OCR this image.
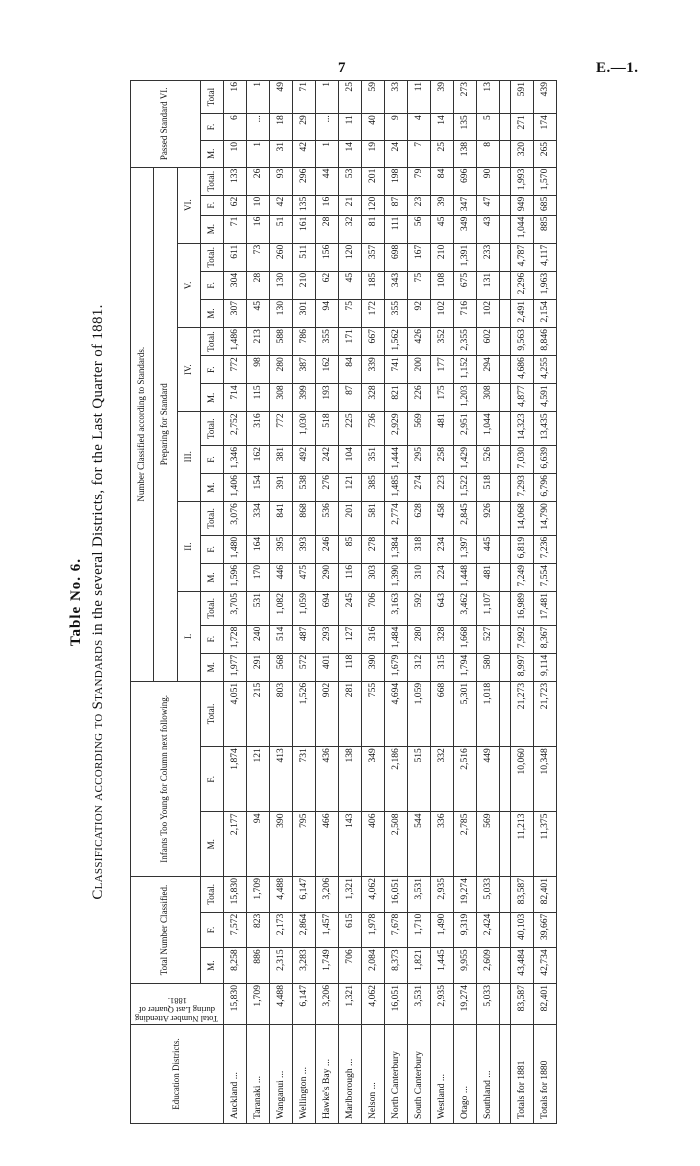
7	E.—1.
Table No. 6.
Classification according to Standards in the several Districts, for the Last Quarter of 1881.
Education Districts.	Total Number Attending during Last Quarter of 1881.	Total Number Classified.			Infants Too Young for Column next following.			Number Classified according to Standards.																		Passed Standard VI.		
								Preparing for Standard																				
								I.			II.			III.			IV.			V.			VI.					
		M.	F.	Total.	M.	F.	Total.	M.	F.	Total.	M.	F.	Total.	M.	F.	Total.	M.	F.	Total.	M.	F.	Total.	M.	F.	Total.	M.	F.	Total
Auckland ...	15,830	8,258	7,572	15,830	2,177	1,874	4,051	1,977	1,728	3,705	1,596	1,480	3,076	1,406	1,346	2,752	714	772	1,486	307	304	611	71	62	133	10	6	16
Taranaki ...	1,709	886	823	1,709	94	121	215	291	240	531	170	164	334	154	162	316	115	98	213	45	28	73	16	10	26	1	...	1
Wanganui ...	4,488	2,315	2,173	4,488	390	413	803	568	514	1,082	446	395	841	391	381	772	308	280	588	130	130	260	51	42	93	31	18	49
Wellington ...	6,147	3,283	2,864	6,147	795	731	1,526	572	487	1,059	475	393	868	538	492	1,030	399	387	786	301	210	511	161	135	296	42	29	71
Hawke's Bay ...	3,206	1,749	1,457	3,206	466	436	902	401	293	694	290	246	536	276	242	518	193	162	355	94	62	156	28	16	44	1	...	1
Marlborough ...	1,321	706	615	1,321	143	138	281	118	127	245	116	85	201	121	104	225	87	84	171	75	45	120	32	21	53	14	11	25
Nelson ...	4,062	2,084	1,978	4,062	406	349	755	390	316	706	303	278	581	385	351	736	328	339	667	172	185	357	81	120	201	19	40	59
North Canterbury	16,051	8,373	7,678	16,051	2,508	2,186	4,694	1,679	1,484	3,163	1,390	1,384	2,774	1,485	1,444	2,929	821	741	1,562	355	343	698	111	87	198	24	9	33
South Canterbury	3,531	1,821	1,710	3,531	544	515	1,059	312	280	592	310	318	628	274	295	569	226	200	426	92	75	167	56	23	79	7	4	11
Westland ...	2,935	1,445	1,490	2,935	336	332	668	315	328	643	224	234	458	223	258	481	175	177	352	102	108	210	45	39	84	25	14	39
Otago ...	19,274	9,955	9,319	19,274	2,785	2,516	5,301	1,794	1,668	3,462	1,448	1,397	2,845	1,522	1,429	2,951	1,203	1,152	2,355	716	675	1,391	349	347	696	138	135	273
Southland ...	5,033	2,609	2,424	5,033	569	449	1,018	580	527	1,107	481	445	926	518	526	1,044	308	294	602	102	131	233	43	47	90	8	5	13

Totals for 1881	83,587	43,484	40,103	83,587	11,213	10,060	21,273	8,997	7,992	16,989	7,249	6,819	14,068	7,293	7,030	14,323	4,877	4,686	9,563	2,491	2,296	4,787	1,044	949	1,993	320	271	591
Totals for 1880	82,401	42,734	39,667	82,401	11,375	10,348	21,723	9,114	8,367	17,481	7,554	7,236	14,790	6,796	6,639	13,435	4,591	4,255	8,846	2,154	1,963	4,117	885	685	1,570	265	174	439
